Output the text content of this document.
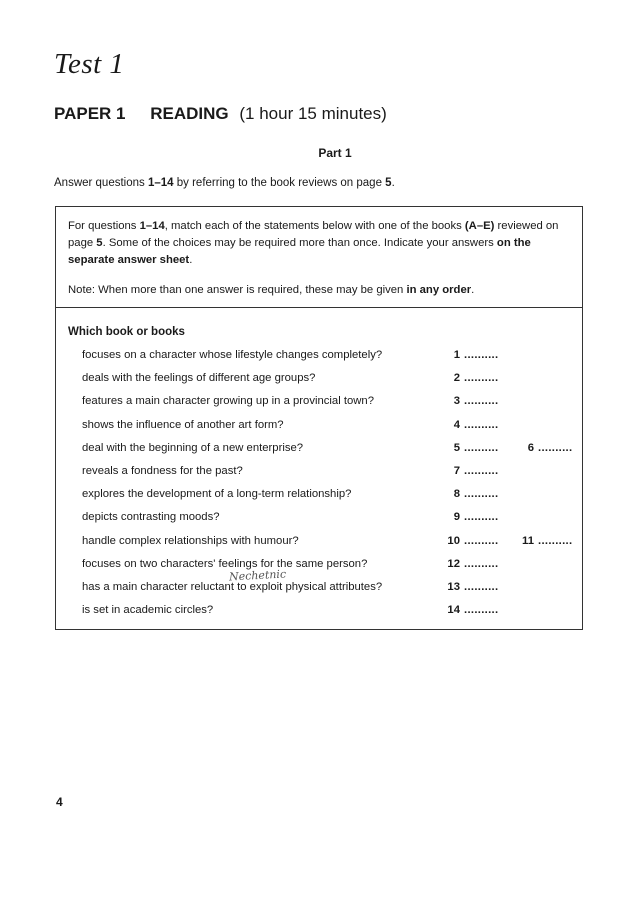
Test 1
PAPER 1 READING (1 hour 15 minutes)
Part 1
Answer questions 1–14 by referring to the book reviews on page 5.
For questions 1–14, match each of the statements below with one of the books (A–E) reviewed on page 5. Some of the choices may be required more than once. Indicate your answers on the separate answer sheet.
Note: When more than one answer is required, these may be given in any order.
Which book or books
focuses on a character whose lifestyle changes completely?	1 ..........
deals with the feelings of different age groups?	2 ..........
features a main character growing up in a provincial town?	3 ..........
shows the influence of another art form?	4 ..........
deal with the beginning of a new enterprise?	5 ..........	6 ..........
reveals a fondness for the past?	7 ..........
explores the development of a long-term relationship?	8 ..........
depicts contrasting moods?	9 ..........
handle complex relationships with humour?	10 ..........	11 ..........
focuses on two characters' feelings for the same person?	12 ..........
has a main character reluctant to exploit physical attributes?	13 ..........
Nechetnic
is set in academic circles?	14 ..........
4
